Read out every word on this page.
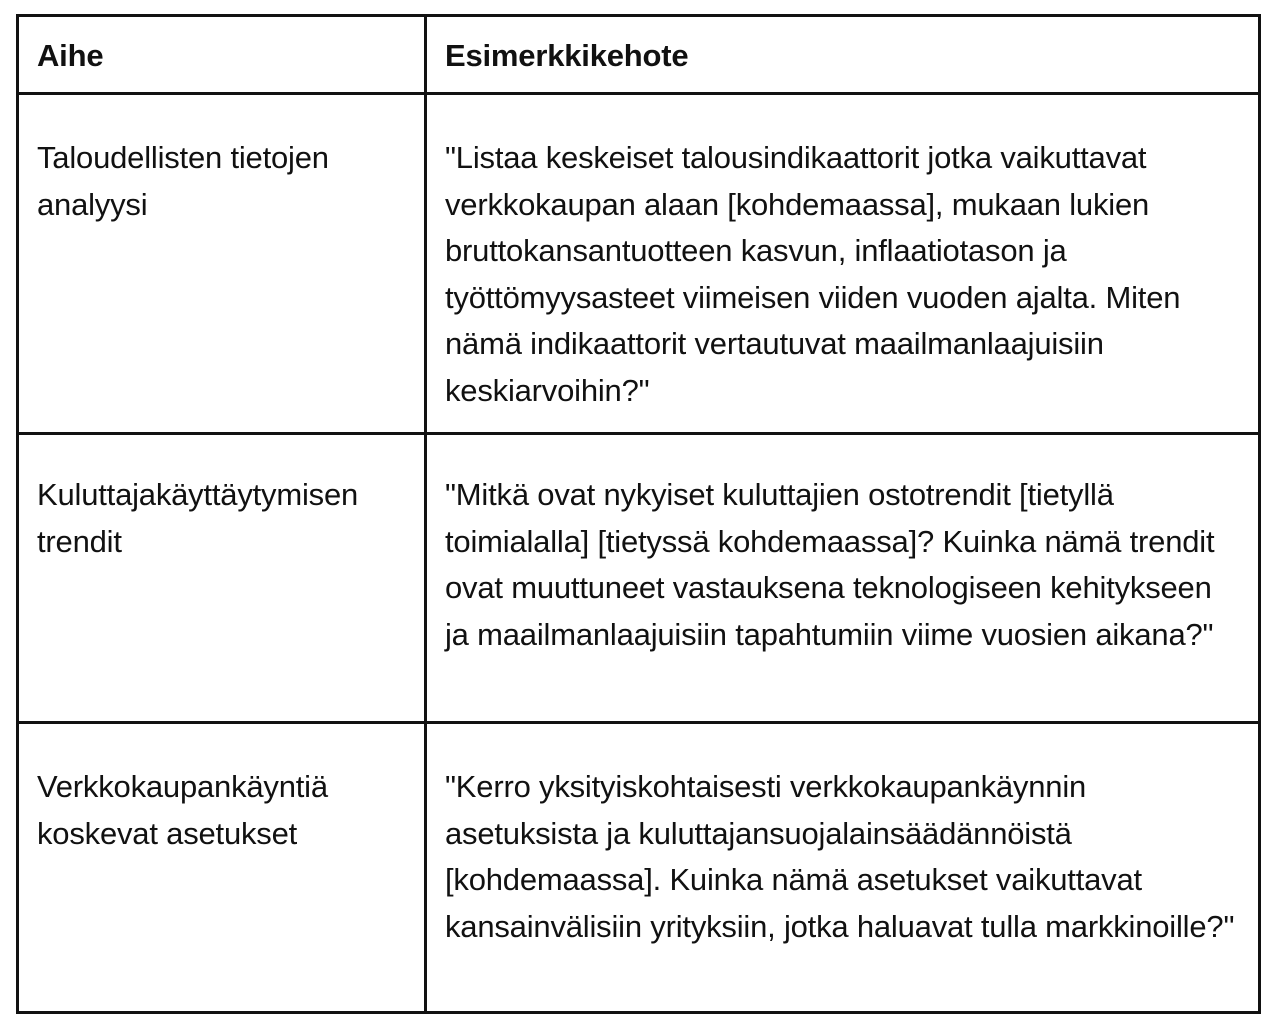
Aihe	Esimerkkikehote
Taloudellisten tietojen analyysi	"Listaa keskeiset talousindikaattorit jotka vaikuttavat verkkokaupan alaan [kohdemaassa], mukaan lukien bruttokansantuotteen kasvun, inflaatiotason ja työttömyysasteet viimeisen viiden vuoden ajalta. Miten nämä indikaattorit vertautuvat maailmanlaajuisiin keskiarvoihin?"
Kuluttajakäyttäytymisen trendit	"Mitkä ovat nykyiset kuluttajien ostotrendit [tietyllä toimialalla] [tietyssä kohdemaassa]? Kuinka nämä trendit ovat muuttuneet vastauksena teknologiseen kehitykseen ja maailmanlaajuisiin tapahtumiin viime vuosien aikana?"
Verkkokaupankäyntiä koskevat asetukset	"Kerro yksityiskohtaisesti verkkokaupankäynnin asetuksista ja kuluttajansuojalainsäädännöistä [kohdemaassa]. Kuinka nämä asetukset vaikuttavat kansainvälisiin yrityksiin, jotka haluavat tulla markkinoille?"
